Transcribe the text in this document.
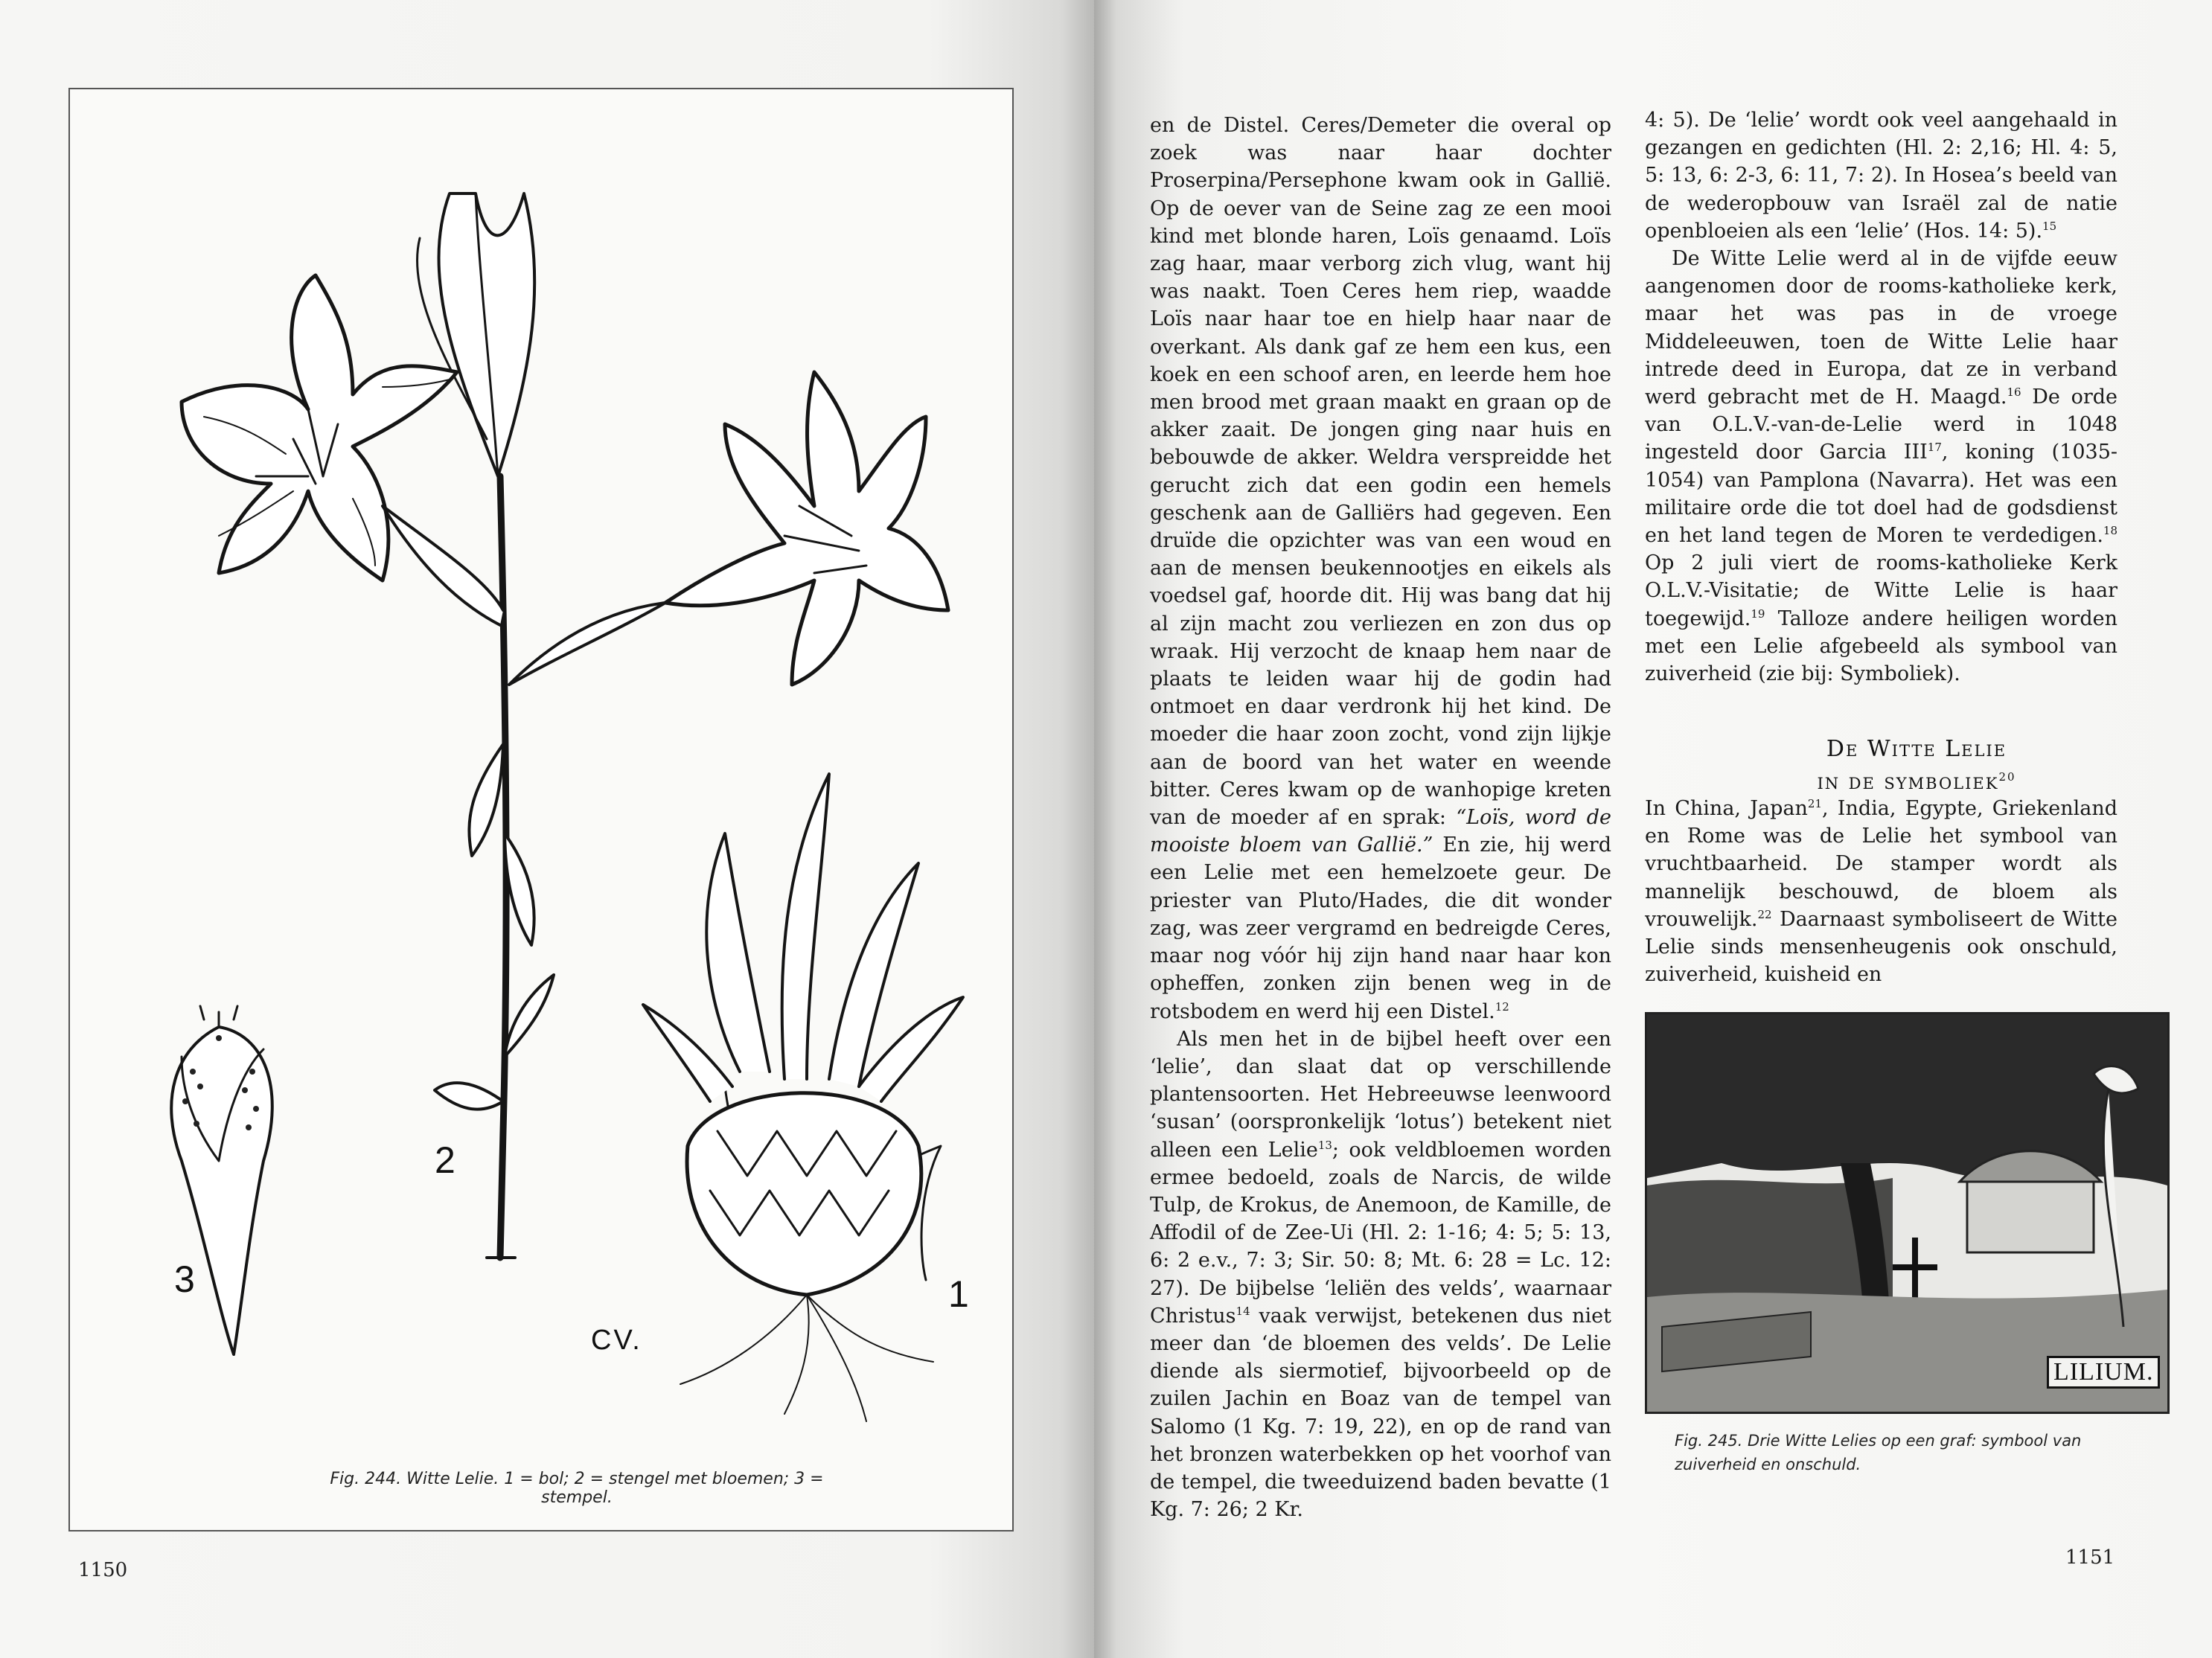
2
3	1
CV.
Fig. 244. Witte Lelie. 1 = bol; 2 = stengel met bloemen; 3 = stempel.
1150

en de Distel. Ceres/Demeter die overal op zoek was naar haar dochter Proserpina/Persephone kwam ook in Gallië. Op de oever van de Seine zag ze een mooi kind met blonde haren, Loïs genaamd. Loïs zag haar, maar verborg zich vlug, want hij was naakt. Toen Ceres hem riep, waadde Loïs naar haar toe en hielp haar naar de overkant. Als dank gaf ze hem een kus, een koek en een schoof aren, en leerde hem hoe men brood met graan maakt en graan op de akker zaait. De jongen ging naar huis en bebouwde de akker. Weldra verspreidde het gerucht zich dat een godin een hemels geschenk aan de Galliërs had gegeven. Een druïde die opzichter was van een woud en aan de mensen beukennootjes en eikels als voedsel gaf, hoorde dit. Hij was bang dat hij al zijn macht zou verliezen en zon dus op wraak. Hij verzocht de knaap hem naar de plaats te leiden waar hij de godin had ontmoet en daar verdronk hij het kind. De moeder die haar zoon zocht, vond zijn lijkje aan de boord van het water en weende bitter. Ceres kwam op de wanhopige kreten van de moeder af en sprak: “Loïs, word de mooiste bloem van Gallië.” En zie, hij werd een Lelie met een hemelzoete geur. De priester van Pluto/Hades, die dit wonder zag, was zeer vergramd en bedreigde Ceres, maar nog vóór hij zijn hand naar haar kon opheffen, zonken zijn benen weg in de rotsbodem en werd hij een Distel.$^{12}$

Als men het in de bijbel heeft over een ‘lelie’, dan slaat dat op verschillende plantensoorten. Het Hebreeuwse leenwoord ‘susan’ (oorspronkelijk ‘lotus’) betekent niet alleen een Lelie$^{13}$; ook veldbloemen worden ermee bedoeld, zoals de Narcis, de wilde Tulp, de Krokus, de Anemoon, de Kamille, de Affodil of de Zee-Ui (Hl. 2: 1-16; 4: 5; 5: 13, 6: 2 e.v., 7: 3; Sir. 50: 8; Mt. 6: 28 = Lc. 12: 27). De bijbelse ‘leliën des velds’, waarnaar Christus$^{14}$ vaak verwijst, betekenen dus niet meer dan ‘de bloemen des velds’. De Lelie diende als siermotief, bijvoorbeeld op de zuilen Jachin en Boaz van de tempel van Salomo (1 Kg. 7: 19, 22), en op de rand van het bronzen waterbekken op het voorhof van de tempel, die tweeduizend baden bevatte (1 Kg. 7: 26; 2 Kr.

4: 5). De ‘lelie’ wordt ook veel aangehaald in gezangen en gedichten (Hl. 2: 2,16; Hl. 4: 5, 5: 13, 6: 2-3, 6: 11, 7: 2). In Hosea’s beeld van de wederopbouw van Israël zal de natie openbloeien als een ‘lelie’ (Hos. 14: 5).$^{15}$

De Witte Lelie werd al in de vijfde eeuw aangenomen door de rooms-katholieke kerk, maar het was pas in de vroege Middeleeuwen, toen de Witte Lelie haar intrede deed in Europa, dat ze in verband werd gebracht met de H. Maagd.$^{16}$ De orde van O.L.V.-van-de-Lelie werd in 1048 ingesteld door Garcia III$^{17}$, koning (1035-1054) van Pamplona (Navarra). Het was een militaire orde die tot doel had de godsdienst en het land tegen de Moren te verdedigen.$^{18}$ Op 2 juli viert de rooms-katholieke Kerk O.L.V.-Visitatie; de Witte Lelie is haar toegewijd.$^{19}$ Talloze andere heiligen worden met een Lelie afgebeeld als symbool van zuiverheid (zie bij: Symboliek).

De Witte Lelie
in de symboliek$^{20}$

In China, Japan$^{21}$, India, Egypte, Griekenland en Rome was de Lelie het symbool van vruchtbaarheid. De stamper wordt als mannelijk beschouwd, de bloem als vrouwelijk.$^{22}$ Daarnaast symboliseert de Witte Lelie sinds mensenheugenis ook onschuld, zuiverheid, kuisheid en

LILIUM.
Fig. 245. Drie Witte Lelies op een graf: symbool van zuiverheid en onschuld.
1151
